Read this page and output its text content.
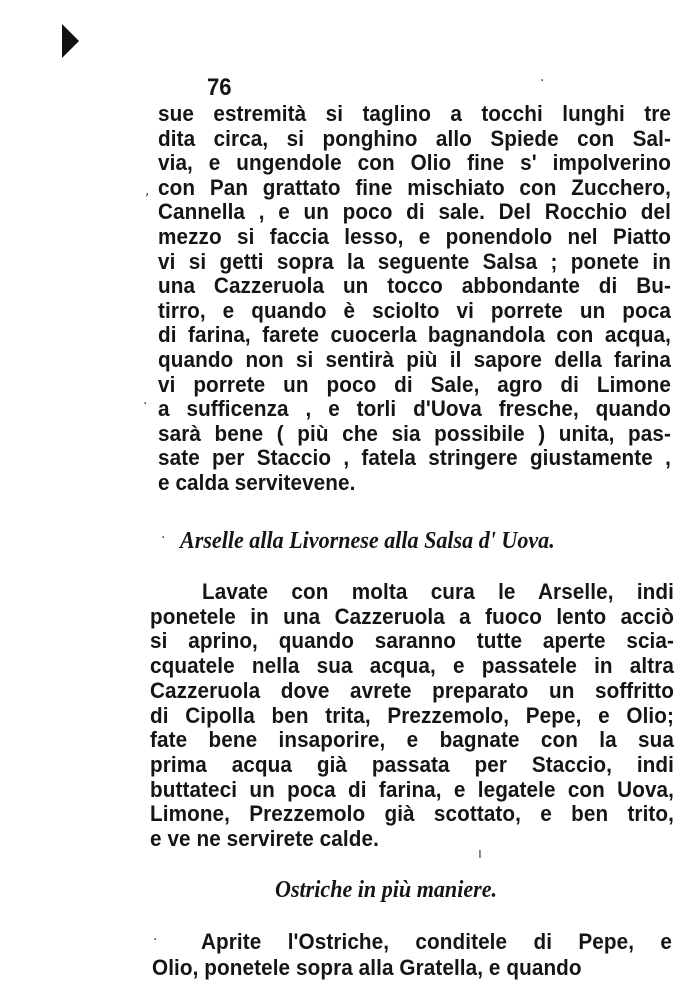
76
sue estremità si taglino a tocchi lunghi tre
dita circa, si ponghino allo Spiede con Sal-
via, e ungendole con Olio fine s' impolverino
con Pan grattato fine mischiato con Zucchero,
Cannella , e un poco di sale. Del Rocchio del
mezzo si faccia lesso, e ponendolo nel Piatto
vi si getti sopra la seguente Salsa ; ponete in
una Cazzeruola un tocco abbondante di Bu-
tirro, e quando è sciolto vi porrete un poca
di farina, farete cuocerla bagnandola con acqua,
quando non si sentirà più il sapore della farina
vi porrete un poco di Sale, agro di Limone
a sufficenza , e torli d'Uova fresche, quando
sarà bene ( più che sia possibile ) unita, pas-
sate per Staccio , fatela stringere giustamente ,
e calda servitevene.
Arselle alla Livornese alla Salsa d' Uova.
Lavate con molta cura le Arselle, indi
ponetele in una Cazzeruola a fuoco lento acciò
si aprino, quando saranno tutte aperte scia-
cquatele nella sua acqua, e passatele in altra
Cazzeruola dove avrete preparato un soffritto
di Cipolla ben trita, Prezzemolo, Pepe, e Olio;
fate bene insaporire, e bagnate con la sua
prima acqua già passata per Staccio, indi
buttateci un poca di farina, e legatele con Uova,
Limone, Prezzemolo già scottato, e ben trito,
e ve ne servirete calde.
Ostriche in più maniere.
Aprite l'Ostriche, conditele di Pepe, e
Olio, ponetele sopra alla Gratella, e quando
·
,
·
·
ı
·
